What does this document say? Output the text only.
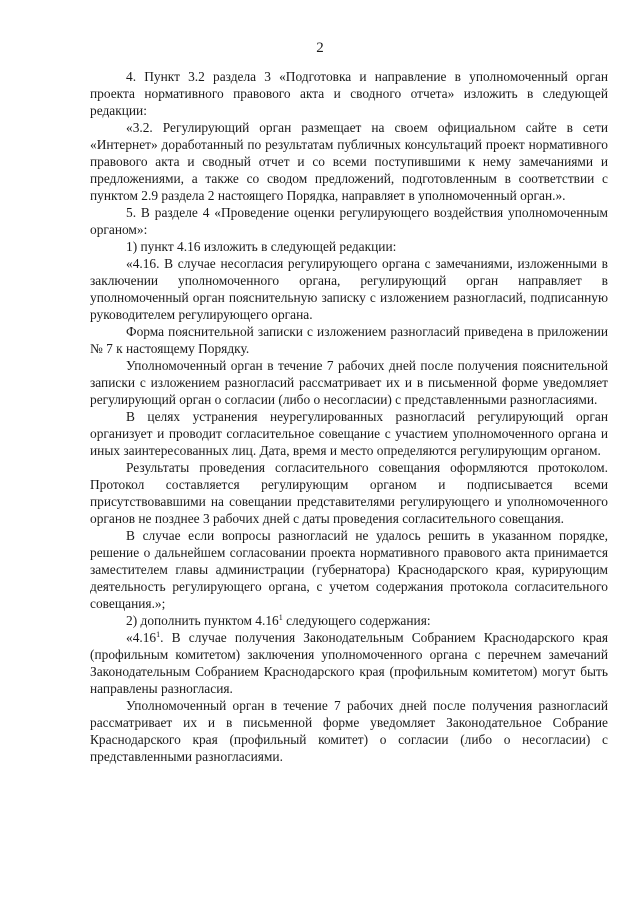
2

4. Пункт 3.2 раздела 3 «Подготовка и направление в уполномоченный орган проекта нормативного правового акта и сводного отчета» изложить в следующей редакции:

«3.2. Регулирующий орган размещает на своем официальном сайте в сети «Интернет» доработанный по результатам публичных консультаций проект нормативного правового акта и сводный отчет и со всеми поступившими к нему замечаниями и предложениями, а также со сводом предложений, подготовленным в соответствии с пунктом 2.9 раздела 2 настоящего Порядка, направляет в уполномоченный орган.».

5. В разделе 4 «Проведение оценки регулирующего воздействия уполномоченным органом»:

1) пункт 4.16 изложить в следующей редакции:

«4.16. В случае несогласия регулирующего органа с замечаниями, изложенными в заключении уполномоченного органа, регулирующий орган направляет в уполномоченный орган пояснительную записку с изложением разногласий, подписанную руководителем регулирующего органа.

Форма пояснительной записки с изложением разногласий приведена в приложении № 7 к настоящему Порядку.

Уполномоченный орган в течение 7 рабочих дней после получения пояснительной записки с изложением разногласий рассматривает их и в письменной форме уведомляет регулирующий орган о согласии (либо о несогласии) с представленными разногласиями.

В целях устранения неурегулированных разногласий регулирующий орган организует и проводит согласительное совещание с участием уполномоченного органа и иных заинтересованных лиц. Дата, время и место определяются регулирующим органом.

Результаты проведения согласительного совещания оформляются протоколом. Протокол составляется регулирующим органом и подписывается всеми присутствовавшими на совещании представителями регулирующего и уполномоченного органов не позднее 3 рабочих дней с даты проведения согласительного совещания.

В случае если вопросы разногласий не удалось решить в указанном порядке, решение о дальнейшем согласовании проекта нормативного правового акта принимается заместителем главы администрации (губернатора) Краснодарского края, курирующим деятельность регулирующего органа, с учетом содержания протокола согласительного совещания.»;

2) дополнить пунктом 4.16$^1$ следующего содержания:

«4.16$^1$. В случае получения Законодательным Собранием Краснодарского края (профильным комитетом) заключения уполномоченного органа с перечнем замечаний Законодательным Собранием Краснодарского края (профильным комитетом) могут быть направлены разногласия.

Уполномоченный орган в течение 7 рабочих дней после получения разногласий рассматривает их и в письменной форме уведомляет Законодательное Собрание Краснодарского края (профильный комитет) о согласии (либо о несогласии) с представленными разногласиями.
